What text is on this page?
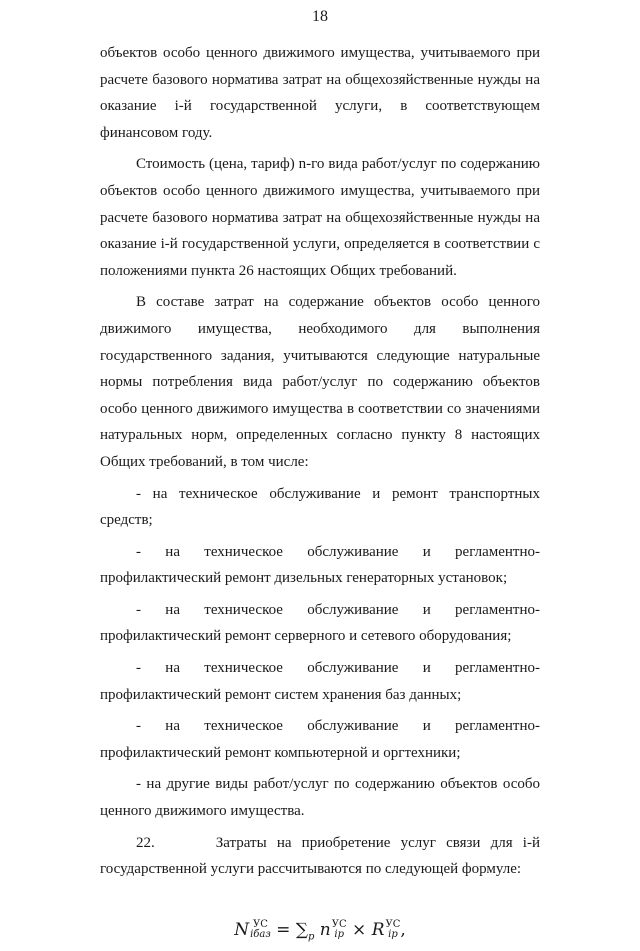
18

объектов особо ценного движимого имущества, учитываемого при расчете базового норматива затрат на общехозяйственные нужды на оказание i-й государственной услуги, в соответствующем финансовом году.

Стоимость (цена, тариф) n-го вида работ/услуг по содержанию объектов особо ценного движимого имущества, учитываемого при расчете базового норматива затрат на общехозяйственные нужды на оказание i-й государственной услуги, определяется в соответствии с положениями пункта 26 настоящих Общих требований.

В составе затрат на содержание объектов особо ценного движимого имущества, необходимого для выполнения государственного задания, учитываются следующие натуральные нормы потребления вида работ/услуг по содержанию объектов особо ценного движимого имущества в соответствии со значениями натуральных норм, определенных согласно пункту 8 настоящих Общих требований, в том числе:

- на техническое обслуживание и ремонт транспортных средств;

- на техническое обслуживание и регламентно-профилактический ремонт дизельных генераторных установок;

- на техническое обслуживание и регламентно-профилактический ремонт серверного и сетевого оборудования;

- на техническое обслуживание и регламентно-профилактический ремонт систем хранения баз данных;

- на техническое обслуживание и регламентно-профилактический ремонт компьютерной и оргтехники;

- на другие виды работ/услуг по содержанию объектов особо ценного движимого имущества.

22.	Затраты на приобретение услуг связи для i-й государственной услуги рассчитываются по следующей формуле:

N УС
iбаз = $\sum_p$ n УС
ip × R УС
ip ,
